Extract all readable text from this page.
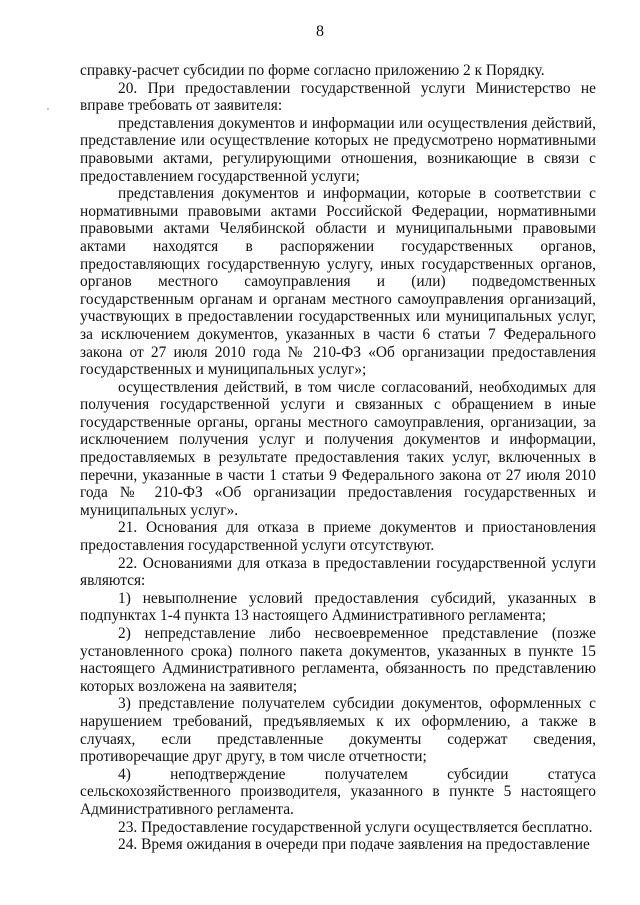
8
'

справку-расчет субсидии по форме согласно приложению 2 к Порядку.

20. При предоставлении государственной услуги Министерство не вправе требовать от заявителя:

представления документов и информации или осуществления действий, представление или осуществление которых не предусмотрено нормативными правовыми актами, регулирующими отношения, возникающие в связи с предоставлением государственной услуги;

представления документов и информации, которые в соответствии с нормативными правовыми актами Российской Федерации, нормативными правовыми актами Челябинской области и муниципальными правовыми актами находятся в распоряжении государственных органов, предоставляющих государственную услугу, иных государственных органов, органов местного самоуправления и (или) подведомственных государственным органам и органам местного самоуправления организаций, участвующих в предоставлении государственных или муниципальных услуг, за исключением документов, указанных в части 6 статьи 7 Федерального закона от 27 июля 2010 года № 210-ФЗ «Об организации предоставления государственных и муниципальных услуг»;

осуществления действий, в том числе согласований, необходимых для получения государственной услуги и связанных с обращением в иные государственные органы, органы местного самоуправления, организации, за исключением получения услуг и получения документов и информации, предоставляемых в результате предоставления таких услуг, включенных в перечни, указанные в части 1 статьи 9 Федерального закона от 27 июля 2010 года № 210-ФЗ «Об организации предоставления государственных и муниципальных услуг».

21. Основания для отказа в приеме документов и приостановления предоставления государственной услуги отсутствуют.

22. Основаниями для отказа в предоставлении государственной услуги являются:

1) невыполнение условий предоставления субсидий, указанных в подпунктах 1-4 пункта 13 настоящего Административного регламента;

2) непредставление либо несвоевременное представление (позже установленного срока) полного пакета документов, указанных в пункте 15 настоящего Административного регламента, обязанность по представлению которых возложена на заявителя;

3) представление получателем субсидии документов, оформленных с нарушением требований, предъявляемых к их оформлению, а также в случаях, если представленные документы содержат сведения, противоречащие друг другу, в том числе отчетности;

4) неподтверждение получателем субсидии статуса сельскохозяйственного производителя, указанного в пункте 5 настоящего Административного регламента.

23. Предоставление государственной услуги осуществляется бесплатно.

24. Время ожидания в очереди при подаче заявления на предоставление
